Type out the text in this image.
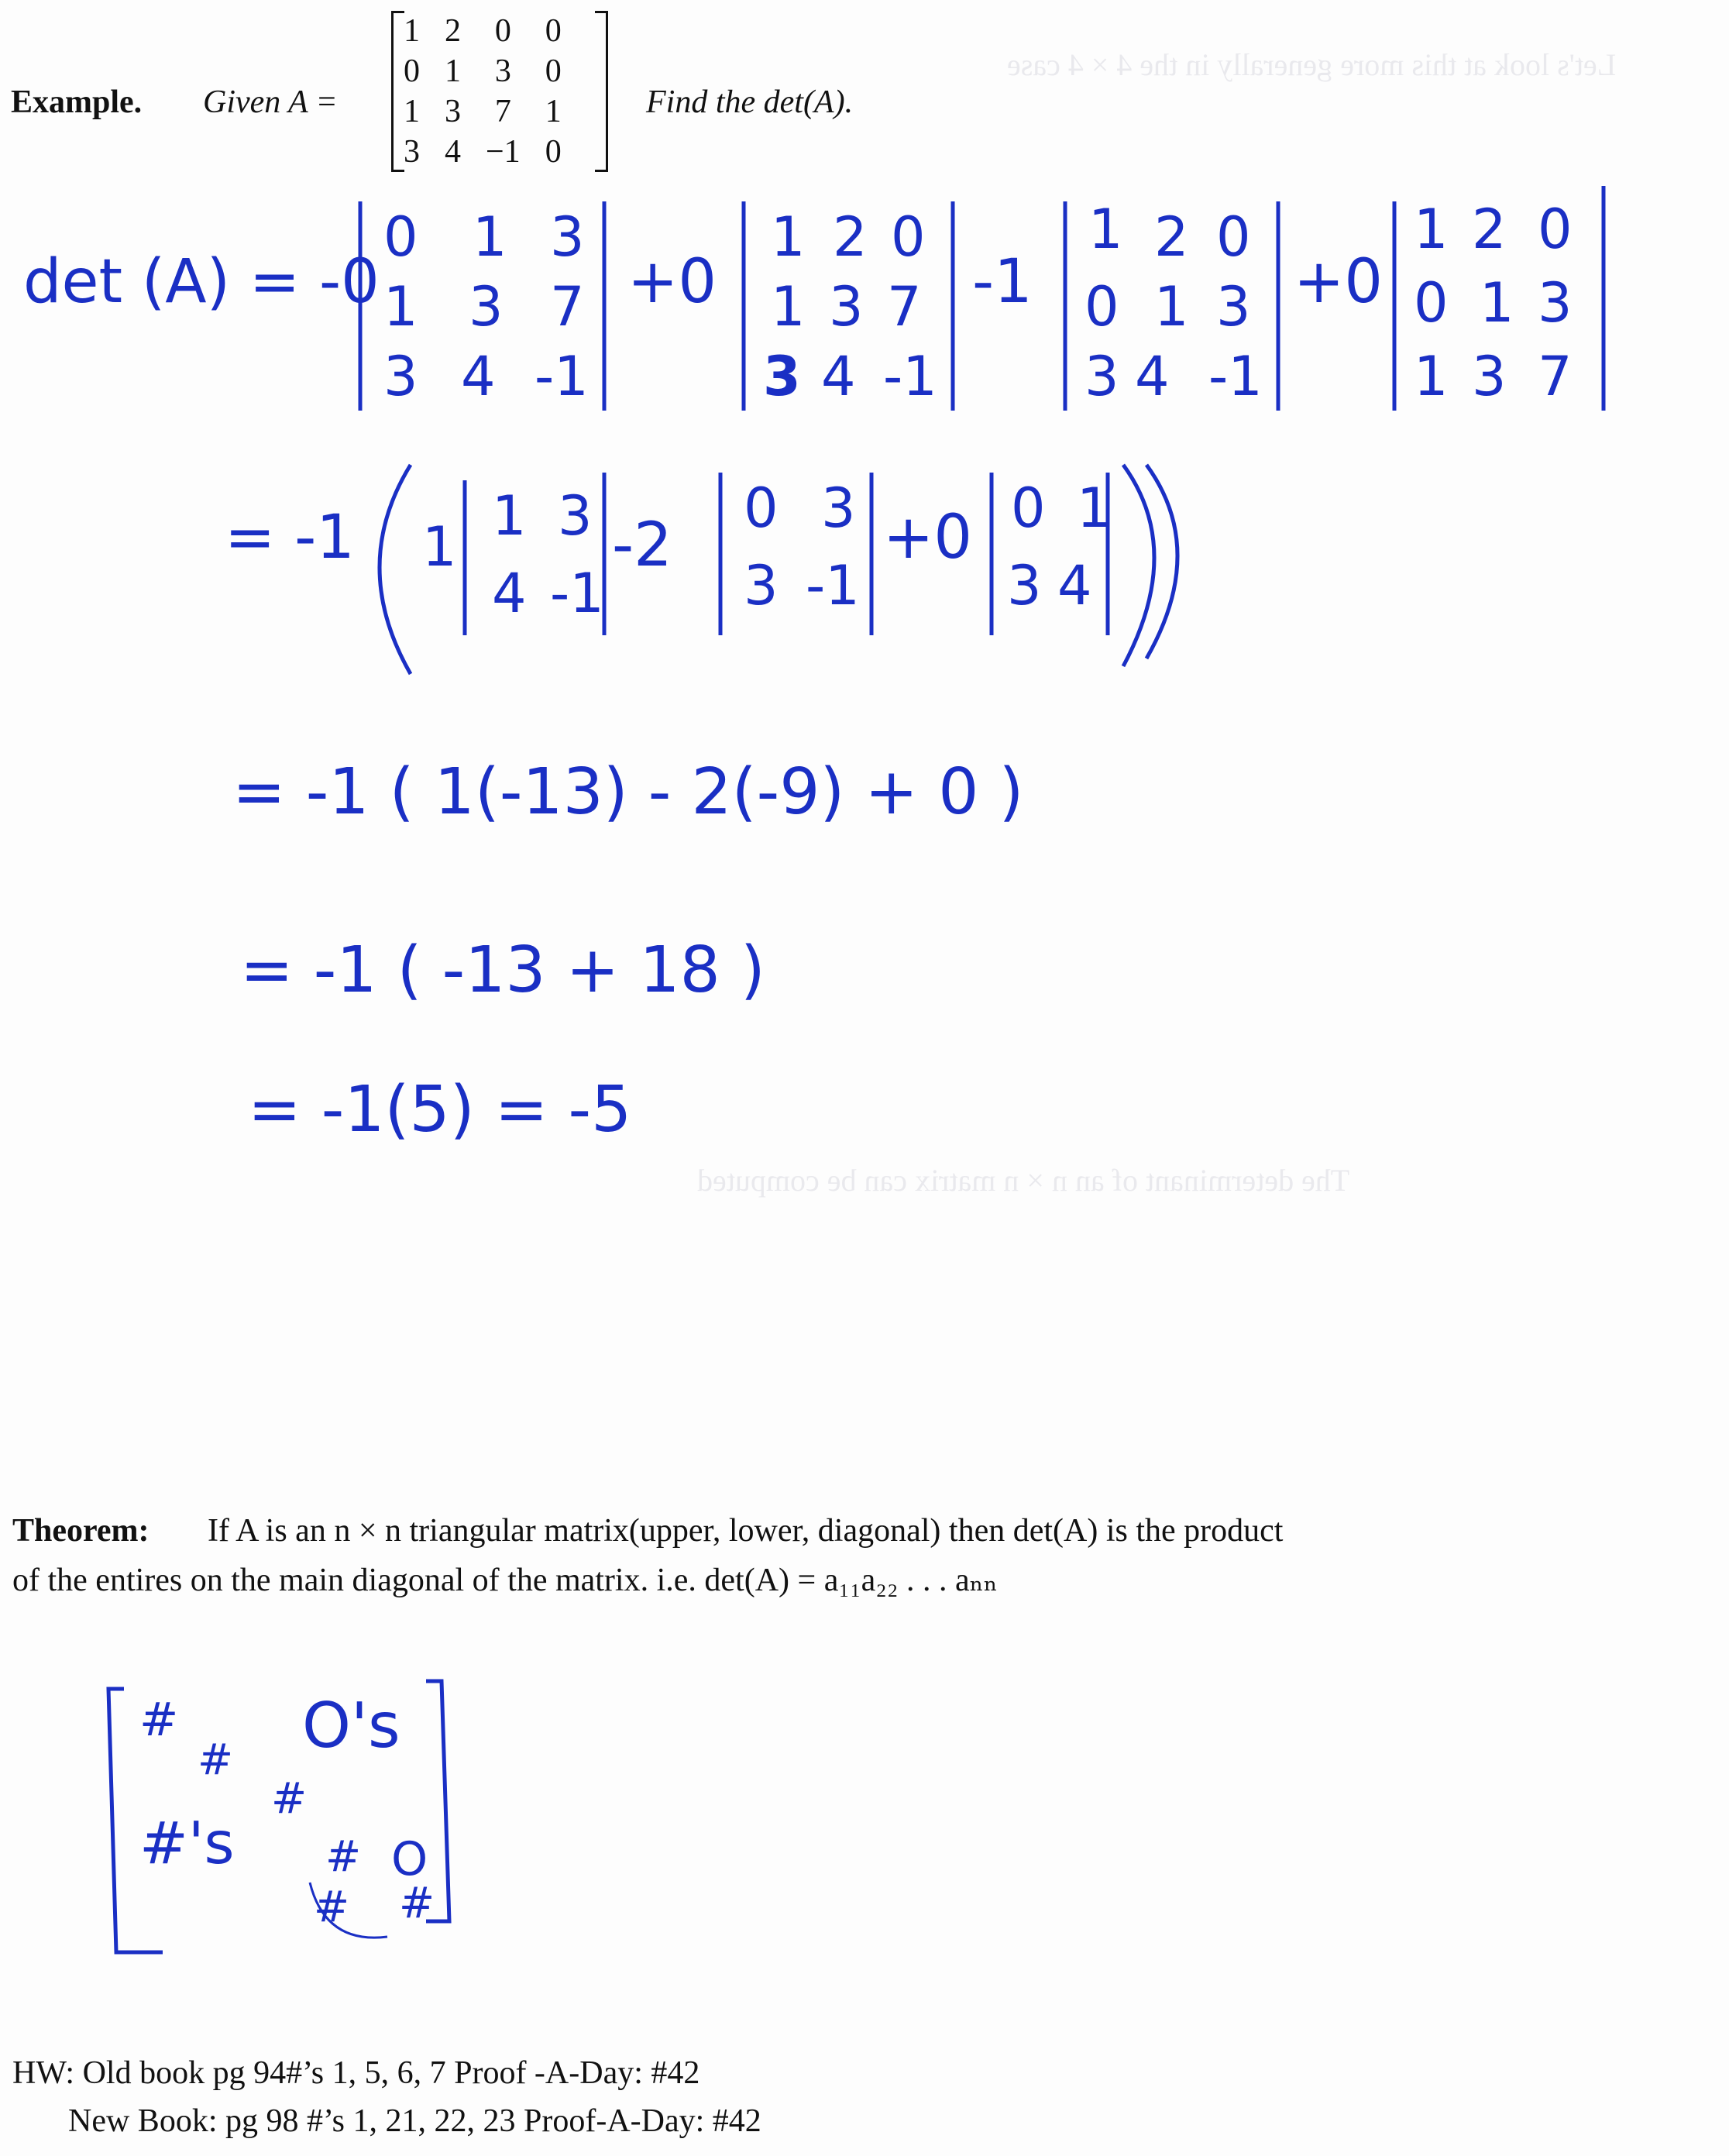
Let's look at this more generally in the 4 × 4 case
The determinant of an n × n matrix can be computed
Example. Given A =
1	2	0	0
0	1	3	0
1	3	7	1
3	4	−1	0
Find the det(A).
det (A) = -0
0 1 3
1 3 7
3 4 -1
+0
1 2 0
1 3 7
3 4 -1
-1
1 2 0
0 1 3
3 4 -1
+0
1 2 0
0 1 3
1 3 7
= -1 1 1 3
4 -1
-2
0 3
3 -1
+0 0 1
3 4
= -1 ( 1(-13) - 2(-9) + 0 )
= -1 ( -13 + 18 )
= -1(5) = -5
Theorem: If A is an n × n triangular matrix(upper, lower, diagonal) then det(A) is the product
of the entires on the main diagonal of the matrix. i.e. det(A) = a₁₁a₂₂ . . . aₙₙ
#
# O's
#
#'s # O
# #
HW: Old book pg 94#’s 1, 5, 6, 7 Proof -A-Day: #42
New Book: pg 98 #’s 1, 21, 22, 23 Proof-A-Day: #42
